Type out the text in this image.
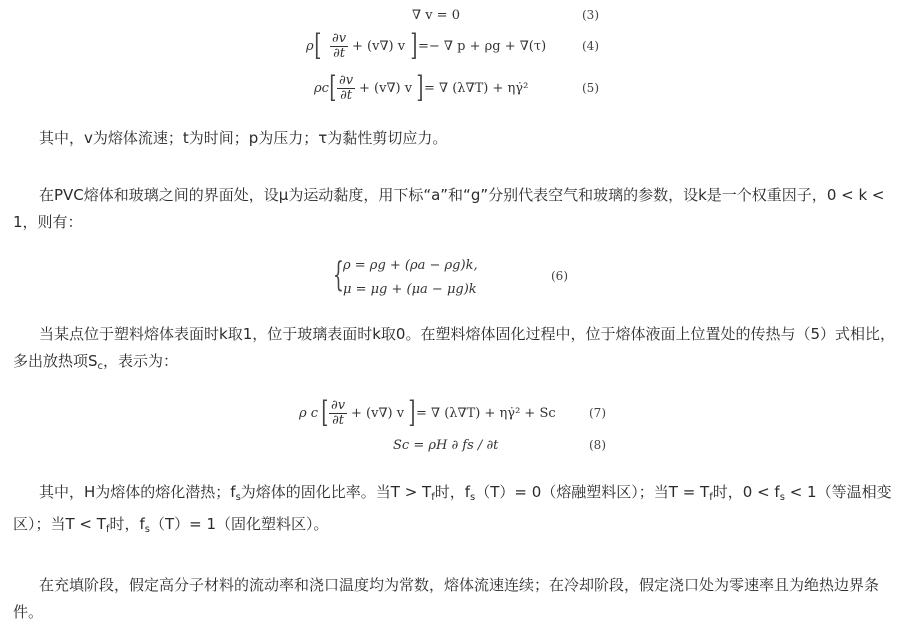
∇ v = 0	(3)
ρ [ $\frac{\partial v}{\partial t} + (v\nabla)$ v ] =− ∇ p + ρg + ∇(τ)	(4)
ρc [ $\frac{\partial v}{\partial t} + (v\nabla)$ v ] = ∇ (λ∇T) + ηγ̇²	(5)

其中，v为熔体流速；t为时间；p为压力；τ为黏性剪切应力。

在PVC熔体和玻璃之间的界面处，设μ为运动黏度，用下标“a”和“g”分别代表空气和玻璃的参数，设k是一个权重因子，0 < k < 1，则有：

{ ρ = ρg + (ρa − ρg)k,
μ = μg + (μa − μg)k
(6)

当某点位于塑料熔体表面时k取1，位于玻璃表面时k取0。在塑料熔体固化过程中，位于熔体液面上位置处的传热与（5）式相比，多出放热项$S_c$，表示为：

ρ c [ $\frac{\partial v}{\partial t} + (v\nabla)$ v ] = ∇ (λ∇T) + ηγ̇² + Sc	(7)
Sc = ρH ∂ fs / ∂t	(8)

其中，H为熔体的熔化潜热；$f_s$为熔体的固化比率。当$T > T_f$时，$f_s(T)= 0$（熔融塑料区）；当$T = T_f$时，$0 < f_s < 1$（等温相变区）；当$T < T_f$时，$f_s(T)= 1$（固化塑料区）。

在充填阶段，假定高分子材料的流动率和浇口温度均为常数，熔体流速连续；在冷却阶段，假定浇口处为零速率且为绝热边界条件。
